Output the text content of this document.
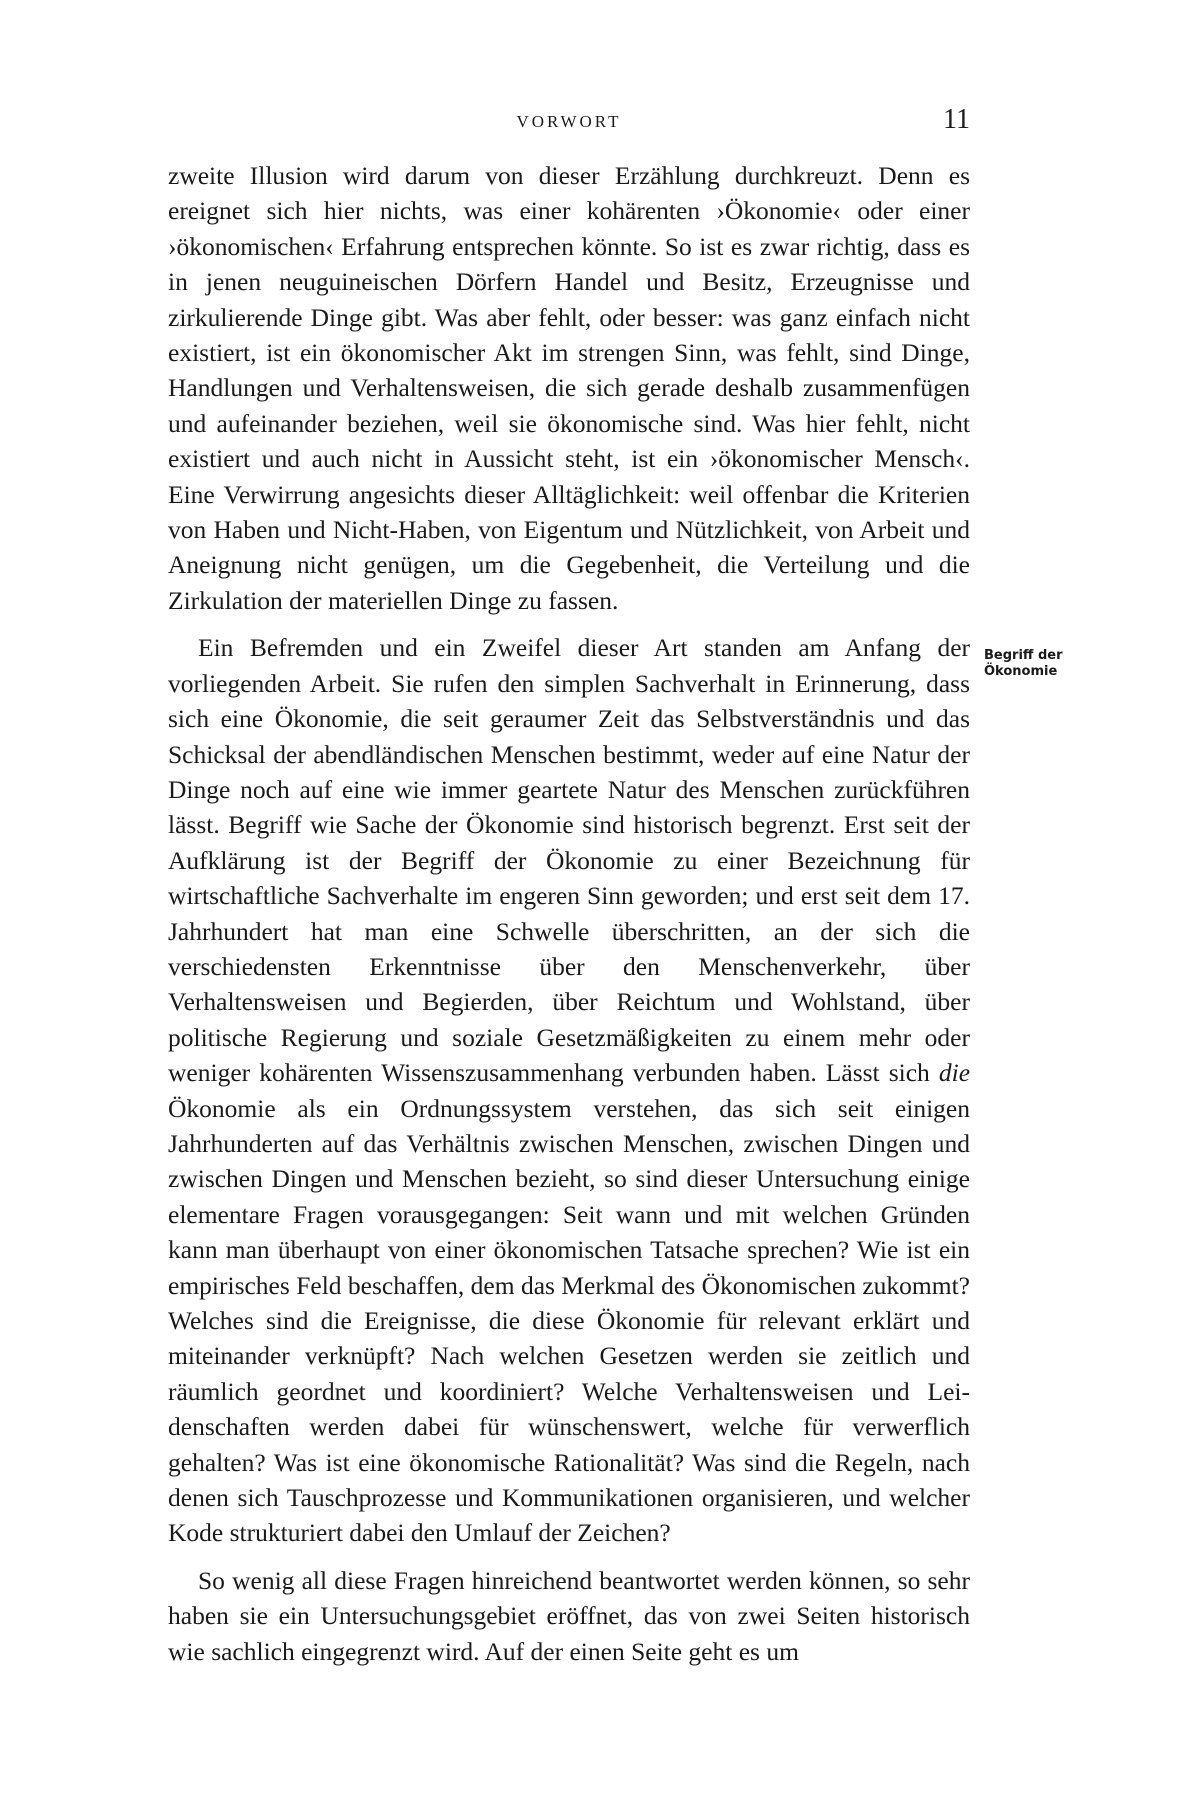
VORWORT	11

zweite Illusion wird darum von dieser Erzählung durchkreuzt. Denn es ereignet sich hier nichts, was einer kohärenten ›Ökonomie‹ oder einer ›ökonomischen‹ Erfahrung entsprechen könnte. So ist es zwar richtig, dass es in jenen neuguineischen Dörfern Handel und Besitz, Erzeugnisse und zirkulierende Dinge gibt. Was aber fehlt, oder besser: was ganz einfach nicht existiert, ist ein ökonomischer Akt im strengen Sinn, was fehlt, sind Dinge, Handlungen und Verhaltensweisen, die sich gerade deshalb zusammenfügen und aufeinander beziehen, weil sie ökonomische sind. Was hier fehlt, nicht existiert und auch nicht in Aussicht steht, ist ein ›ökonomischer Mensch‹. Eine Verwirrung angesichts dieser Alltäglichkeit: weil offenbar die Kriterien von Haben und Nicht-Haben, von Eigentum und Nützlichkeit, von Arbeit und Aneignung nicht genügen, um die Gegebenheit, die Verteilung und die Zirkulation der materiellen Dinge zu fassen.

Ein Befremden und ein Zweifel dieser Art standen am Anfang der vorliegenden Arbeit. Sie rufen den simplen Sachverhalt in Erinnerung, dass sich eine Ökonomie, die seit geraumer Zeit das Selbstverständnis und das Schicksal der abendländischen Menschen bestimmt, weder auf eine Natur der Dinge noch auf eine wie immer geartete Natur des Menschen zurückführen lässt. Begriff wie Sache der Ökonomie sind historisch begrenzt. Erst seit der Aufklärung ist der Begriff der Ökonomie zu einer Bezeichnung für wirtschaftliche Sachverhalte im engeren Sinn geworden; und erst seit dem 17. Jahrhundert hat man eine Schwelle überschritten, an der sich die verschiedensten Erkenntnisse über den Menschenverkehr, über Verhaltensweisen und Begierden, über Reichtum und Wohlstand, über politische Regierung und soziale Gesetzmäßigkeiten zu einem mehr oder weniger kohärenten Wissenszusammenhang verbunden haben. Lässt sich die Ökonomie als ein Ordnungssystem verstehen, das sich seit einigen Jahrhunderten auf das Verhältnis zwischen Menschen, zwischen Dingen und zwischen Dingen und Menschen bezieht, so sind dieser Untersuchung einige elementare Fragen vorausgegangen: Seit wann und mit welchen Gründen kann man überhaupt von einer ökonomischen Tatsache sprechen? Wie ist ein empirisches Feld beschaffen, dem das Merkmal des Ökonomischen zukommt? Welches sind die Ereignisse, die diese Ökonomie für relevant erklärt und miteinander verknüpft? Nach welchen Gesetzen werden sie zeitlich und räumlich geordnet und koordiniert? Welche Verhaltensweisen und Leidenschaften werden dabei für wünschenswert, welche für verwerflich gehalten? Was ist eine ökonomische Rationalität? Was sind die Regeln, nach denen sich Tauschprozesse und Kommunikationen organisieren, und welcher Kode strukturiert dabei den Umlauf der Zeichen?

So wenig all diese Fragen hinreichend beantwortet werden können, so sehr haben sie ein Untersuchungsgebiet eröffnet, das von zwei Seiten historisch wie sachlich eingegrenzt wird. Auf der einen Seite geht es um

Begriff der
Ökonomie
